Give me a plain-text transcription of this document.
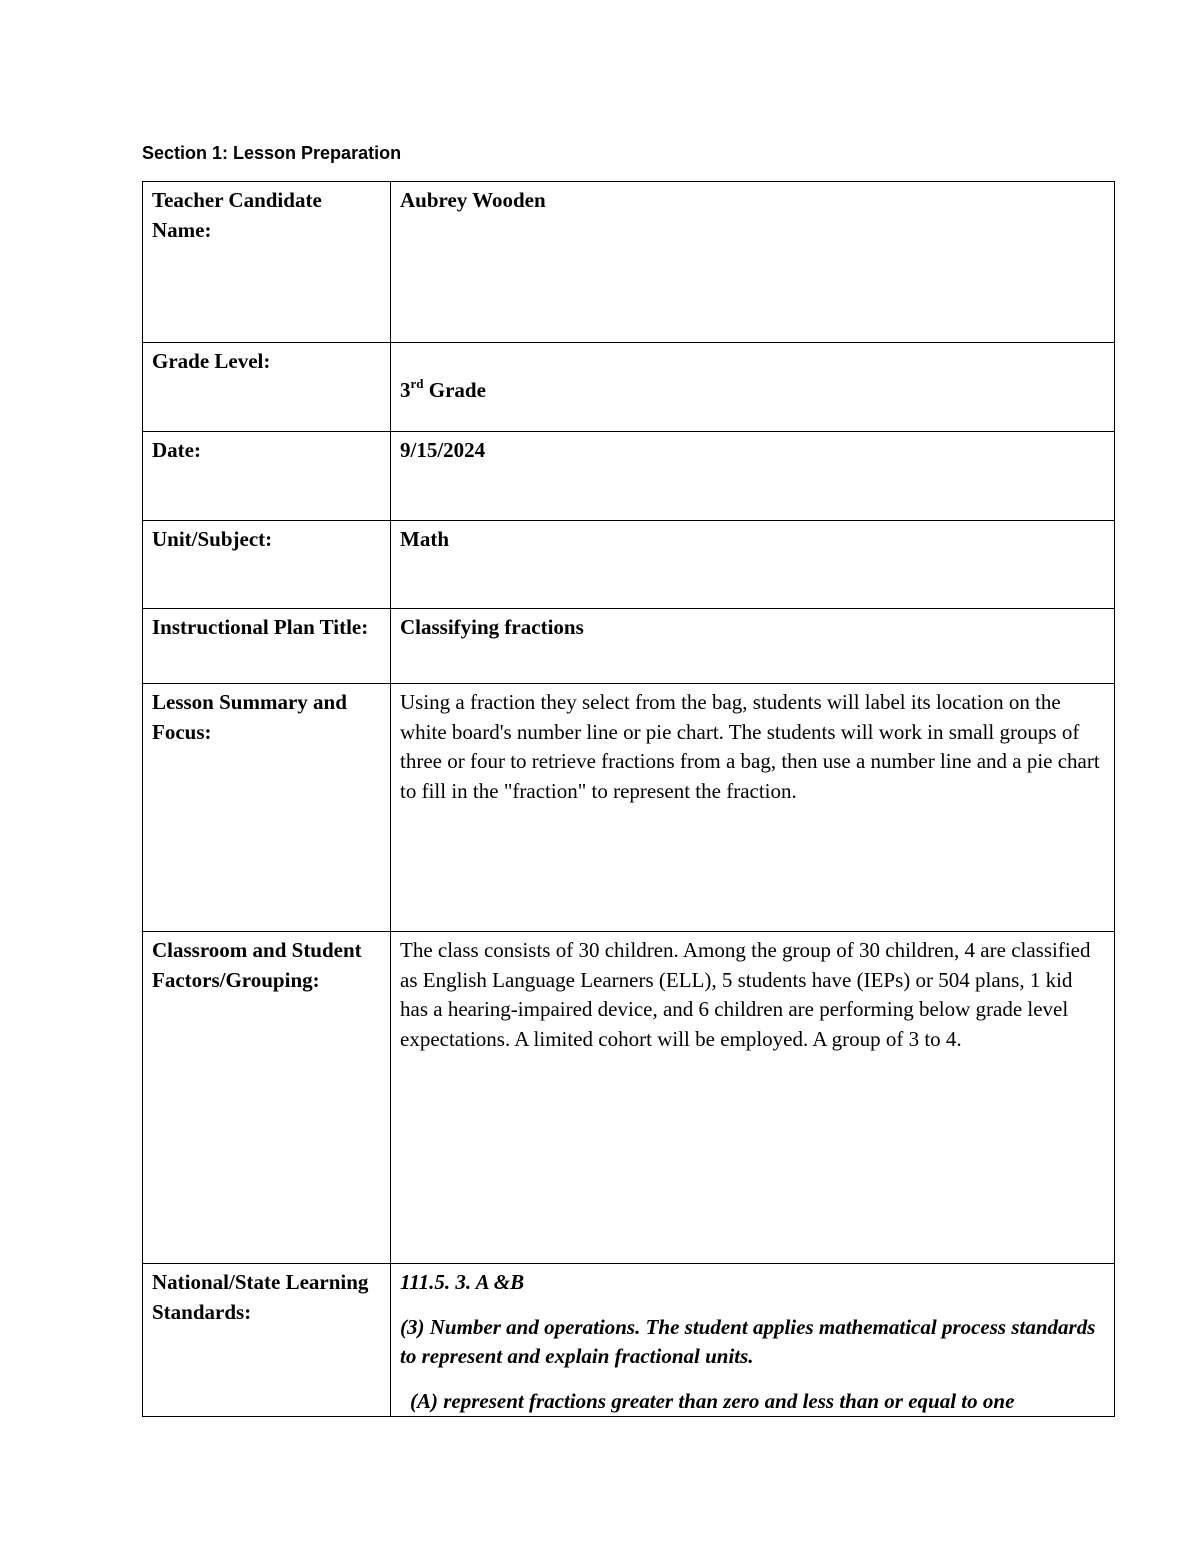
Section 1: Lesson Preparation
Teacher Candidate Name:	Aubrey Wooden
Grade Level:	3rd Grade
Date:	9/15/2024
Unit/Subject:	Math
Instructional Plan Title:	Classifying fractions
Lesson Summary and Focus:	Using a fraction they select from the bag, students will label its location on the white board's number line or pie chart. The students will work in small groups of three or four to retrieve fractions from a bag, then use a number line and a pie chart to fill in the "fraction" to represent the fraction.
Classroom and Student Factors/Grouping:	The class consists of 30 children. Among the group of 30 children, 4 are classified as English Language Learners (ELL), 5 students have (IEPs) or 504 plans, 1 kid has a hearing-impaired device, and 6 children are performing below grade level expectations. A limited cohort will be employed. A group of 3 to 4.
National/State Learning Standards:	111.5. 3. A &B

(3) Number and operations. The student applies mathematical process standards to represent and explain fractional units.

(A) represent fractions greater than zero and less than or equal to one
